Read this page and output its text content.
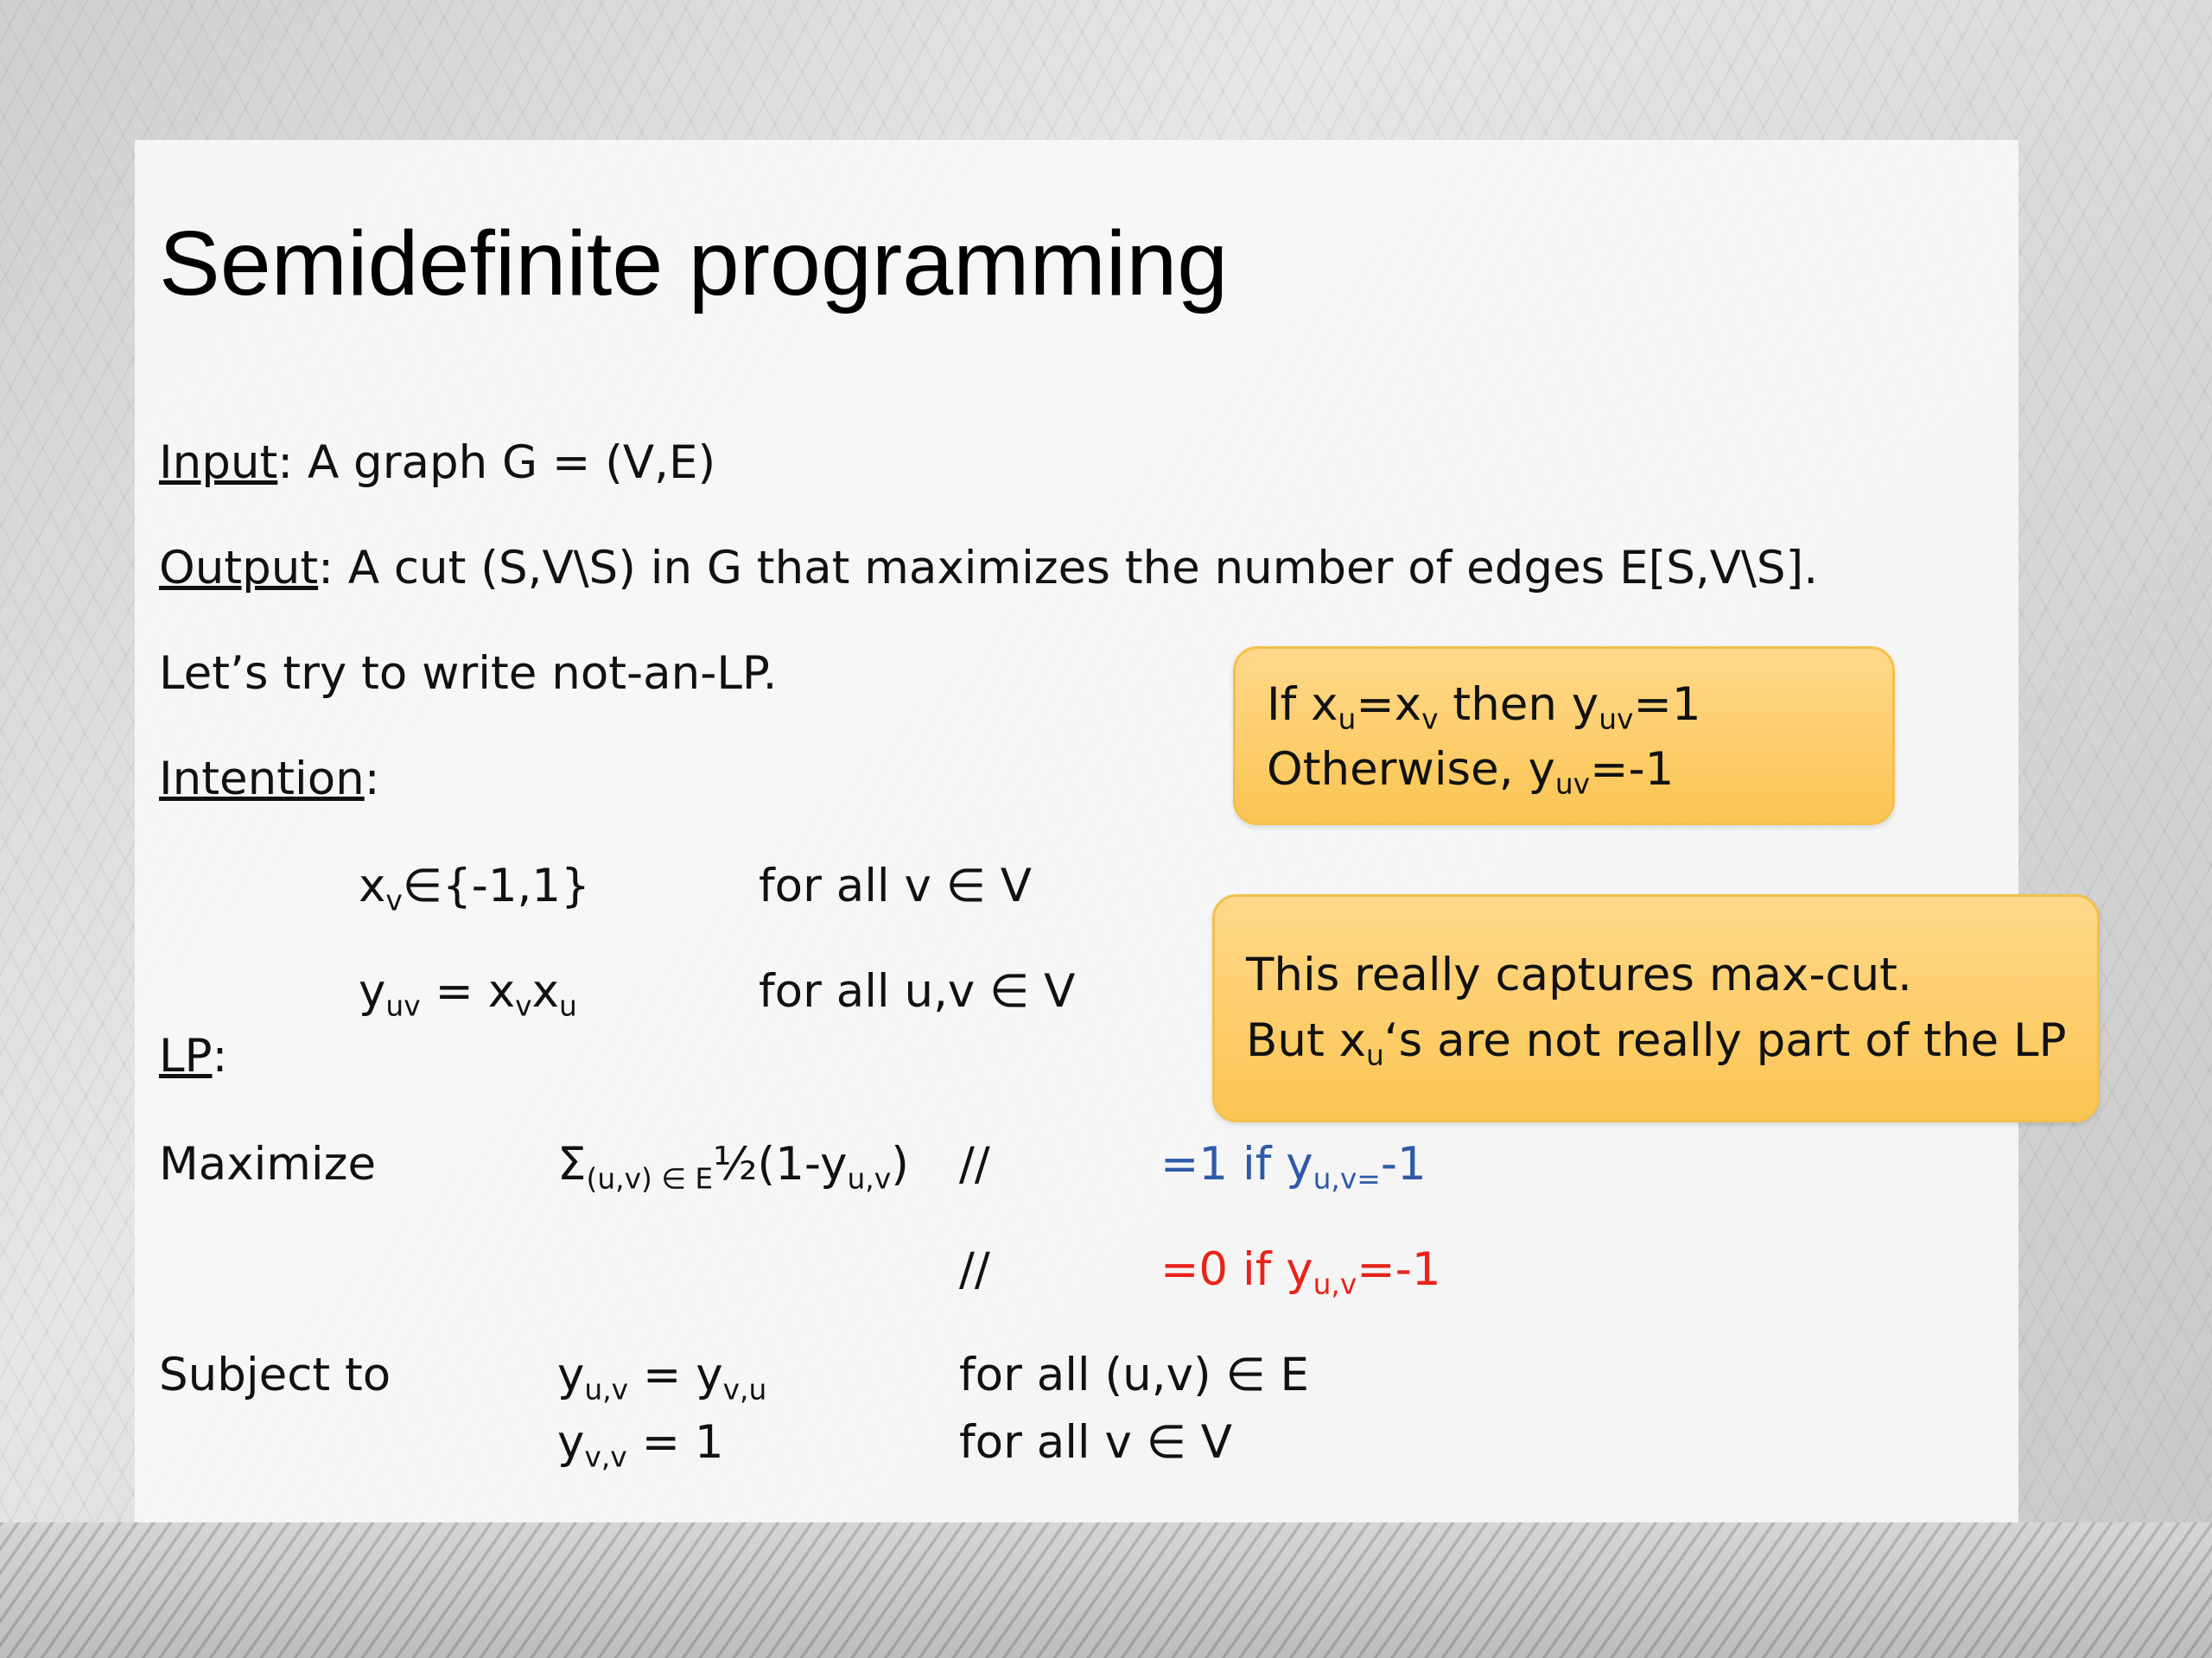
Semidefinite programming
Input: A graph G = (V,E)
Output: A cut (S,V\S) in G that maximizes the number of edges E[S,V\S].
Let’s try to write not-an-LP.
Intention:
$x_v\in\{-1,1\}$	for all v ∈ V
$y_{uv} = x_vx_u$	for all u,v ∈ V
LP:
Maximize	$\Sigma_{(u,v) \in E}\frac{1}{2}(1-y_{u,v})$ //	=1 if $y_{u,v=}-1$
//	=0 if $y_{u,v}=-1$
Subject to	$y_{u,v} = y_{v,u}$	for all (u,v) ∈ E
$y_{v,v} = 1$	for all v ∈ V
If $x_u=x_v$ then $y_{uv}=1$
Otherwise, $y_{uv}=-1$
This really captures max-cut.
But $x_u‘s$ are not really part of the LP
